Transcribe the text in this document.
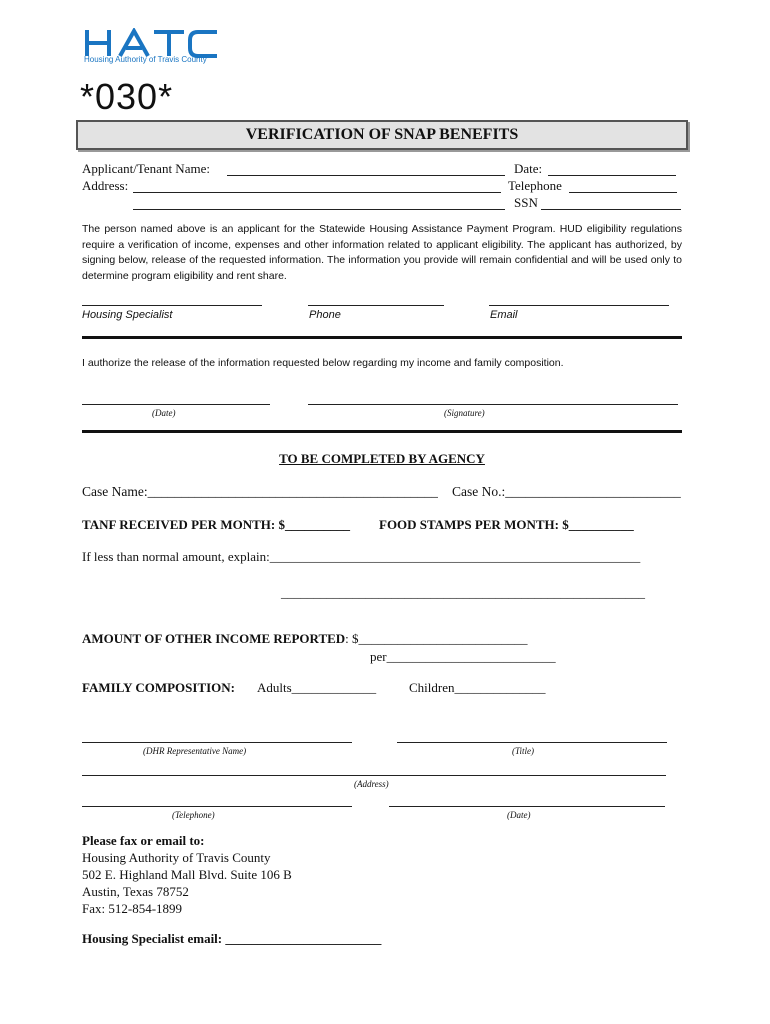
Housing Authority of Travis County
*030*
VERIFICATION OF SNAP BENEFITS
Applicant/Tenant Name:	Date:
Address:	Telephone
SSN

The person named above is an applicant for the Statewide Housing Assistance Payment Program. HUD eligibility regulations require a verification of income, expenses and other information related to applicant eligibility. The applicant has authorized, by signing below, release of the requested information. The information you provide will remain confidential and will be used only to determine program eligibility and rent share.

Housing Specialist	Phone	Email
I authorize the release of the information requested below regarding my income and family composition.
(Date)	(Signature)
TO BE COMPLETED BY AGENCY
Case Name:___________________________________________ Case No.:__________________________
TANF RECEIVED PER MONTH: $__________ FOOD STAMPS PER MONTH: $__________
If less than normal amount, explain:_________________________________________________________
________________________________________________________
AMOUNT OF OTHER INCOME REPORTED: $__________________________
per__________________________
FAMILY COMPOSITION: Adults_____________	Children______________
(DHR Representative Name)	(Title)
(Address)
(Telephone)	(Date)
Please fax or email to:
Housing Authority of Travis County
502 E. Highland Mall Blvd. Suite 106 B
Austin, Texas 78752
Fax: 512-854-1899
Housing Specialist email: ________________________
